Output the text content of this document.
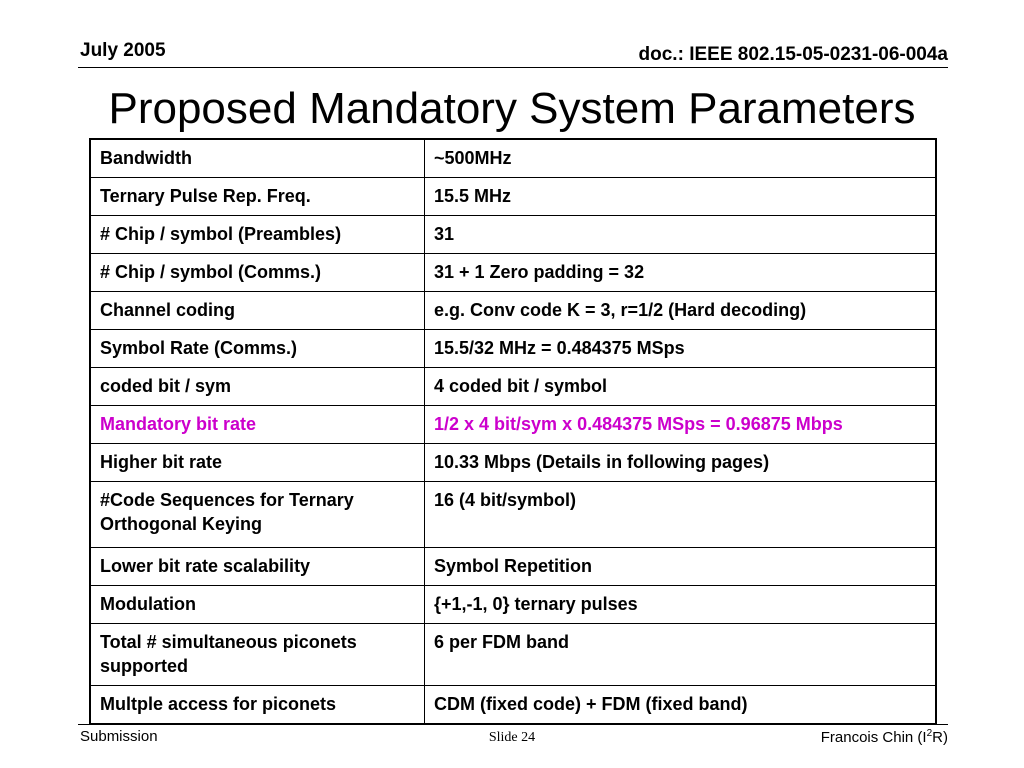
July 2005	doc.: IEEE 802.15-05-0231-06-004a
Proposed Mandatory System Parameters
Bandwidth	~500MHz
Ternary Pulse Rep. Freq.	15.5 MHz
# Chip / symbol (Preambles)	31
# Chip / symbol (Comms.)	31 + 1 Zero padding = 32
Channel coding	e.g. Conv code K = 3, r=1/2 (Hard decoding)
Symbol Rate (Comms.)	15.5/32 MHz = 0.484375 MSps
coded bit / sym	4 coded bit / symbol
Mandatory bit rate	1/2 x 4 bit/sym x 0.484375 MSps = 0.96875 Mbps
Higher bit rate	10.33 Mbps (Details in following pages)
#Code Sequences for Ternary Orthogonal Keying	16 (4 bit/symbol)
Lower bit rate scalability	Symbol Repetition
Modulation	{+1,-1, 0} ternary pulses
Total # simultaneous piconets supported	6 per FDM band
Multple access for piconets	CDM (fixed code) + FDM (fixed band)
Submission	Slide 24	Francois Chin $(I^2R)$
